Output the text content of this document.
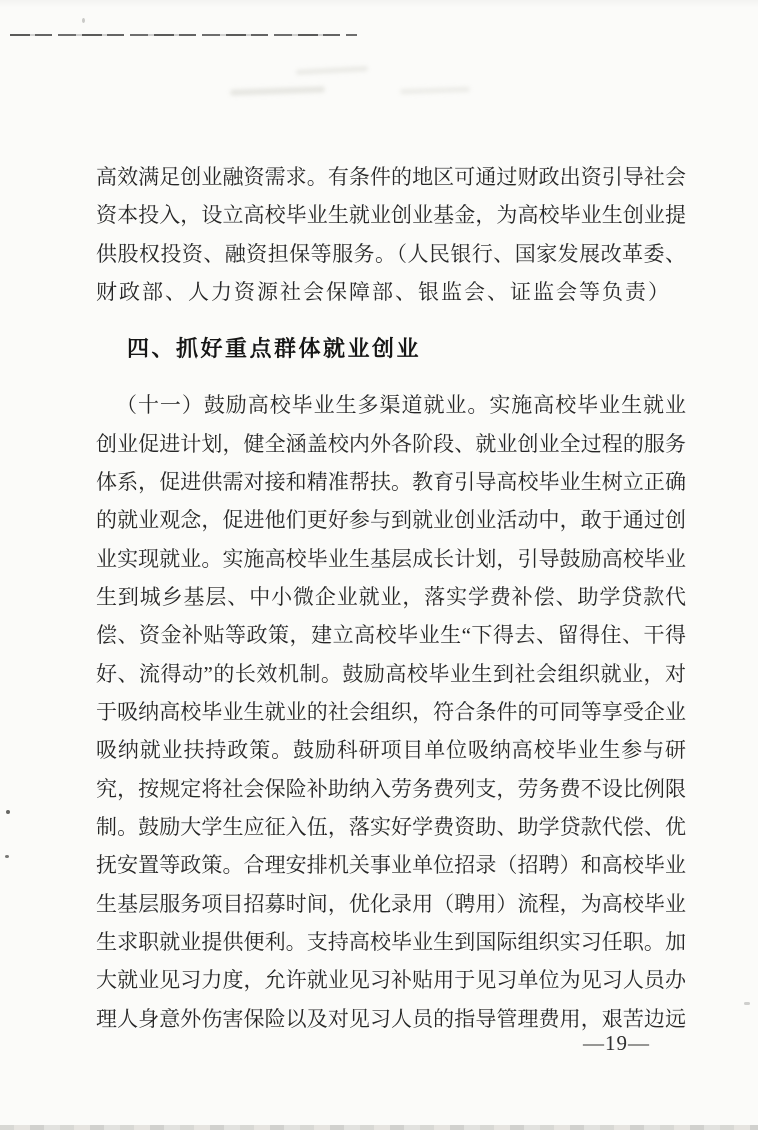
高效满足创业融资需求。有条件的地区可通过财政出资引导社会
资本投入，设立高校毕业生就业创业基金，为高校毕业生创业提
供股权投资、融资担保等服务。（人民银行、国家发展改革委、
财政部、人力资源社会保障部、银监会、证监会等负责）
四、抓好重点群体就业创业
（十一）鼓励高校毕业生多渠道就业。实施高校毕业生就业
创业促进计划，健全涵盖校内外各阶段、就业创业全过程的服务
体系，促进供需对接和精准帮扶。教育引导高校毕业生树立正确
的就业观念，促进他们更好参与到就业创业活动中，敢于通过创
业实现就业。实施高校毕业生基层成长计划，引导鼓励高校毕业
生到城乡基层、中小微企业就业，落实学费补偿、助学贷款代
偿、资金补贴等政策，建立高校毕业生“下得去、留得住、干得
好、流得动”的长效机制。鼓励高校毕业生到社会组织就业，对
于吸纳高校毕业生就业的社会组织，符合条件的可同等享受企业
吸纳就业扶持政策。鼓励科研项目单位吸纳高校毕业生参与研
究，按规定将社会保险补助纳入劳务费列支，劳务费不设比例限
制。鼓励大学生应征入伍，落实好学费资助、助学贷款代偿、优
抚安置等政策。合理安排机关事业单位招录（招聘）和高校毕业
生基层服务项目招募时间，优化录用（聘用）流程，为高校毕业
生求职就业提供便利。支持高校毕业生到国际组织实习任职。加
大就业见习力度，允许就业见习补贴用于见习单位为见习人员办
理人身意外伤害保险以及对见习人员的指导管理费用，艰苦边远
—19—
